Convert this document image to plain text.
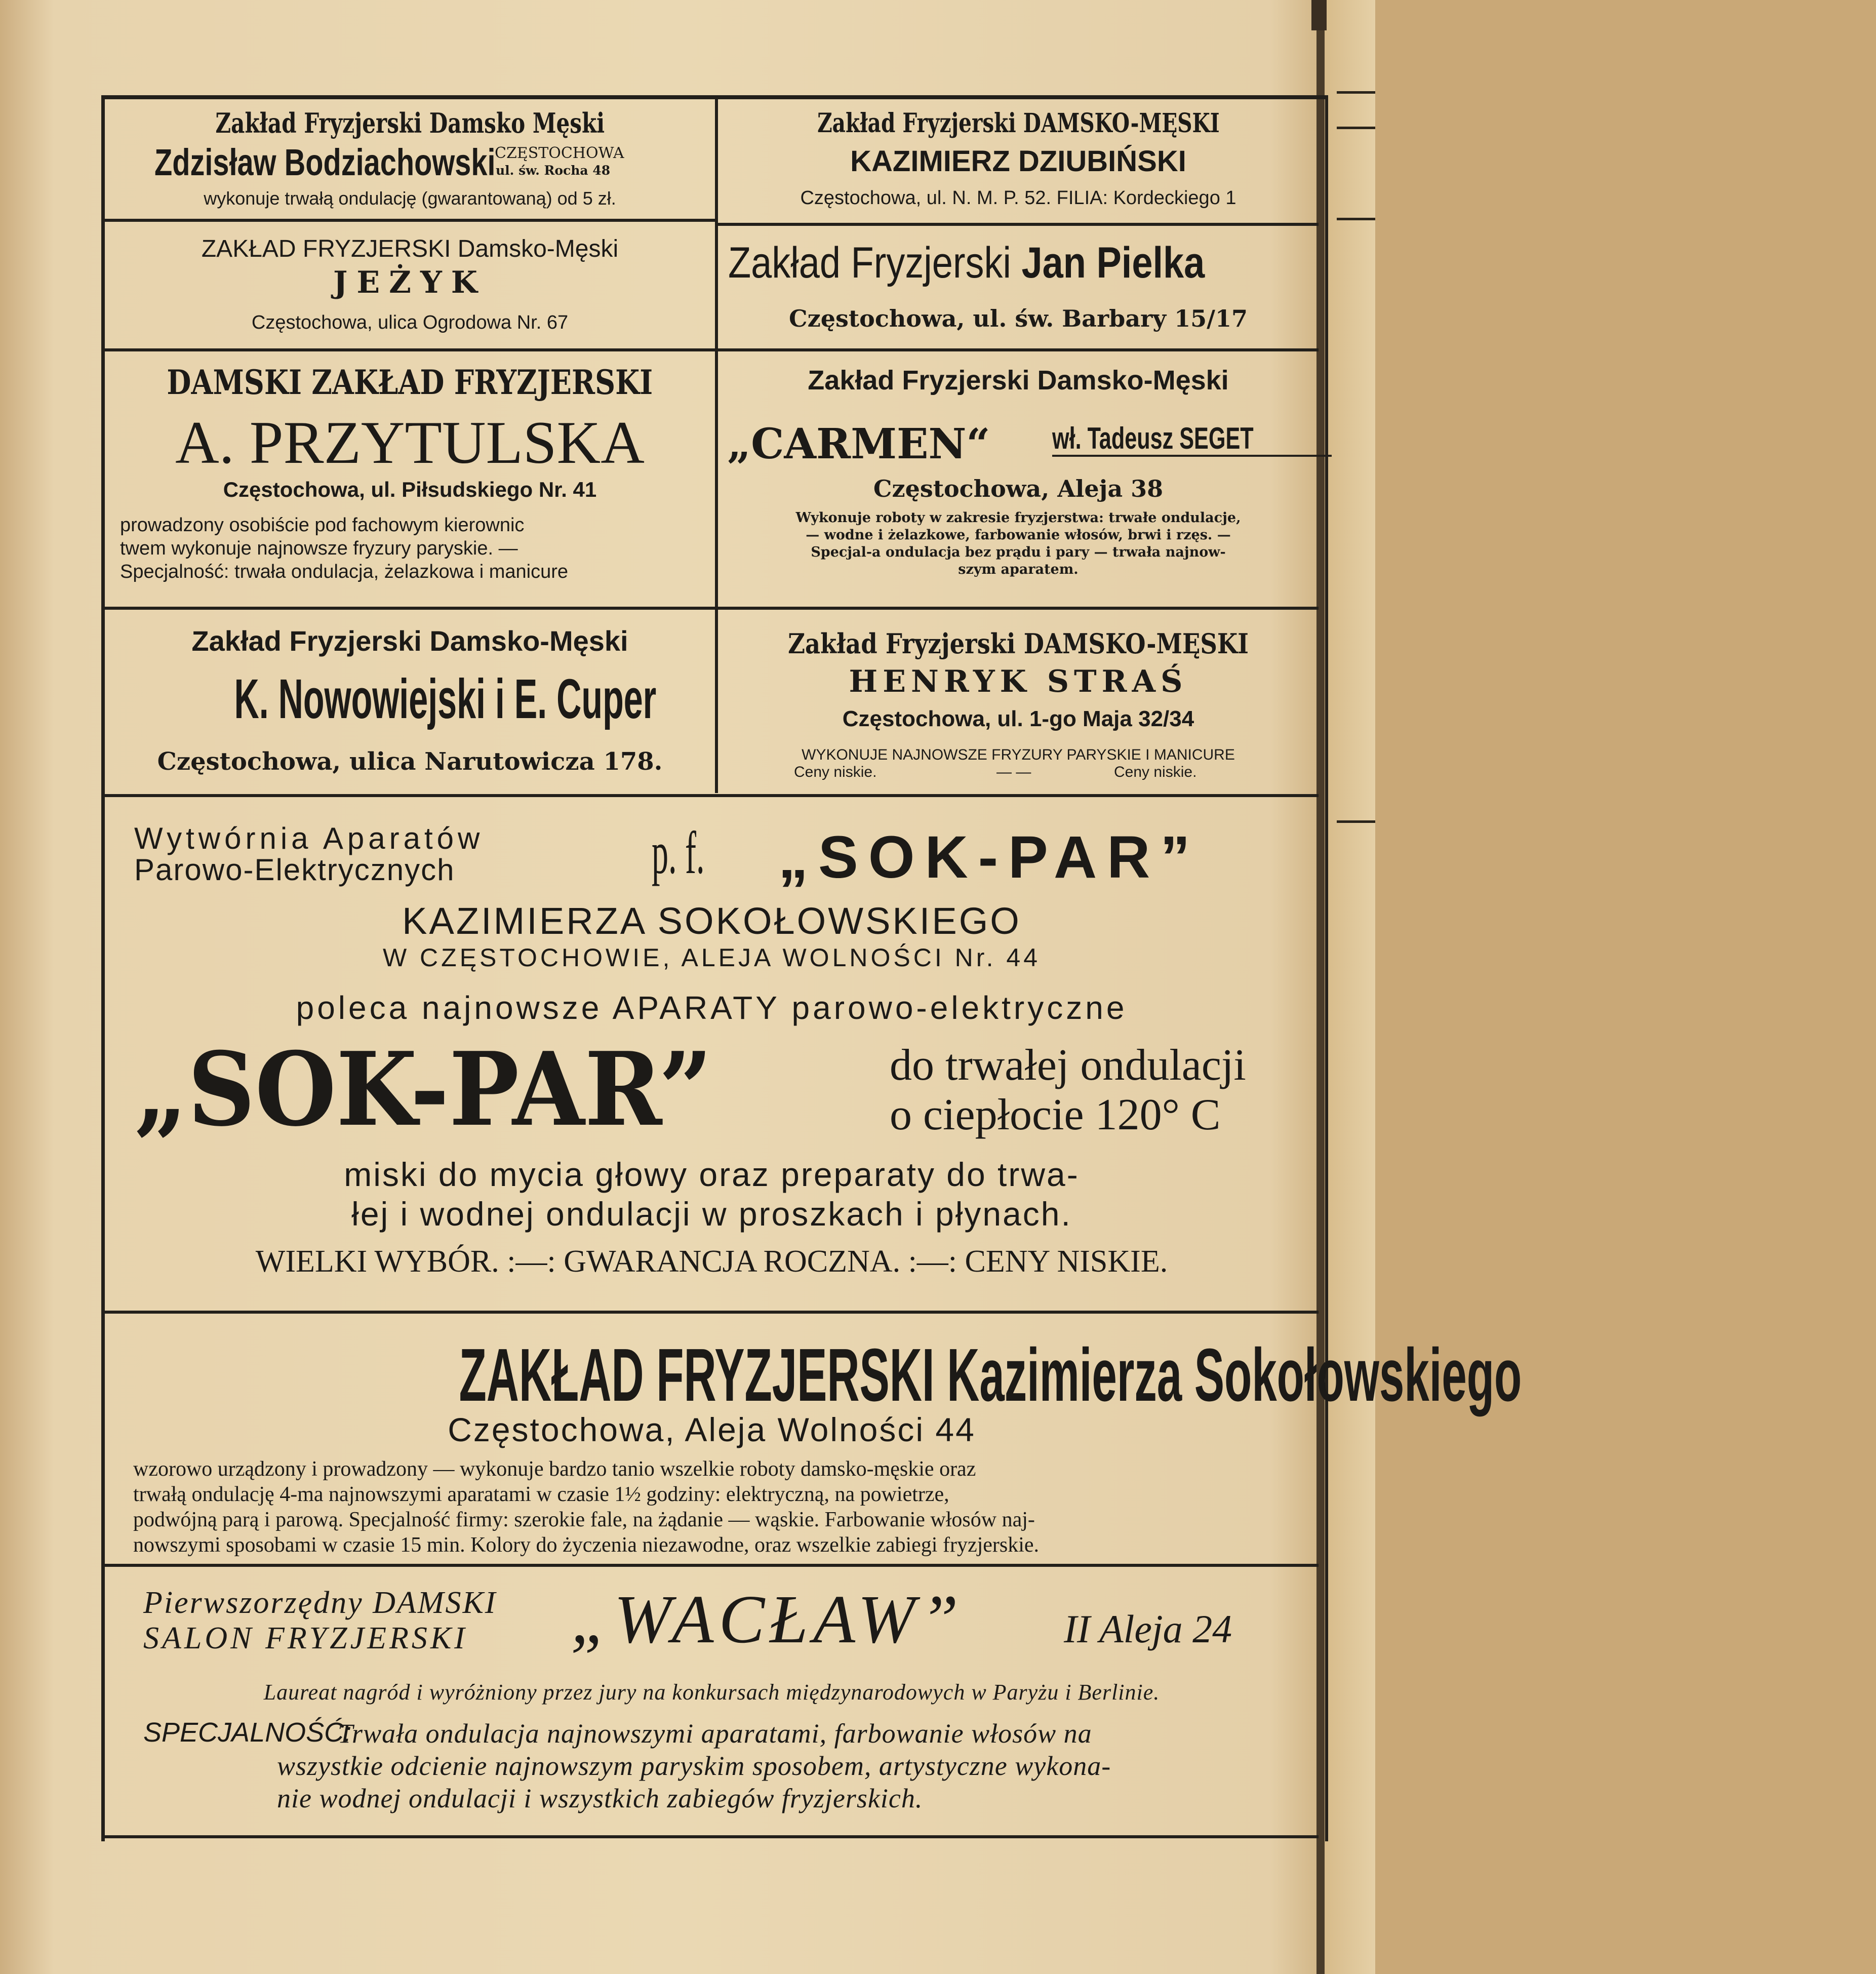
Zakład Fryzjerski Damsko Męski
Zdzisław Bodziachowski
CZĘSTOCHOWA
ul. św. Rocha 48
wykonuje trwałą ondulację (gwarantowaną) od 5 zł.
Zakład Fryzjerski DAMSKO-MĘSKI
KAZIMIERZ DZIUBIŃSKI
Częstochowa, ul. N. M. P. 52. FILIA: Kordeckiego 1
ZAKŁAD FRYZJERSKI Damsko-Męski
JEŻYK
Częstochowa, ulica Ogrodowa Nr. 67
Zakład Fryzjerski Jan Pielka
Częstochowa, ul. św. Barbary 15/17
DAMSKI ZAKŁAD FRYZJERSKI
A. PRZYTULSKA
Częstochowa, ul. Piłsudskiego Nr. 41

prowadzony osobiście pod fachowym kierownic

twem wykonuje najnowsze fryzury paryskie. —

Specjalność: trwała ondulacja, żelazkowa i manicure

Zakład Fryzjerski Damsko-Męski
„CARMEN“ wł. Tadeusz SEGET
Częstochowa, Aleja 38

Wykonuje roboty w zakresie fryzjerstwa: trwałe ondulacje,

— wodne i żelazkowe, farbowanie włosów, brwi i rzęs. —

Specjal-a ondulacja bez prądu i pary — trwała najnow-

szym aparatem.

Zakład Fryzjerski Damsko-Męski
K. Nowowiejski i E. Cuper
Częstochowa, ulica Narutowicza 178.
Zakład Fryzjerski DAMSKO-MĘSKI
HENRYK STRAŚ
Częstochowa, ul. 1-go Maja 32/34
WYKONUJE NAJNOWSZE FRYZURY PARYSKIE I MANICURE
Ceny niskie.	— —	Ceny niskie.
Wytwórnia Aparatów
Parowo-Elektrycznych	p. f.	„SOK-PAR”
KAZIMIERZA SOKOŁOWSKIEGO
W CZĘSTOCHOWIE, ALEJA WOLNOŚCI Nr. 44
poleca najnowsze APARATY parowo-elektryczne
„SOK-PAR”	do trwałej ondulacji
o ciepłocie 120° C
miski do mycia głowy oraz preparaty do trwa-
łej i wodnej ondulacji w proszkach i płynach.
WIELKI WYBÓR. :—: GWARANCJA ROCZNA. :—: CENY NISKIE.
ZAKŁAD FRYZJERSKI Kazimierza Sokołowskiego
Częstochowa, Aleja Wolności 44

wzorowo urządzony i prowadzony — wykonuje bardzo tanio wszelkie roboty damsko-męskie oraz

trwałą ondulację 4-ma najnowszymi aparatami w czasie 1½ godziny: elektryczną, na powietrze,

podwójną parą i parową. Specjalność firmy: szerokie fale, na żądanie — wąskie. Farbowanie włosów naj-

nowszymi sposobami w czasie 15 min. Kolory do życzenia niezawodne, oraz wszelkie zabiegi fryzjerskie.

Pierwszorzędny DAMSKI
SALON FRYZJERSKI „WACŁAW”	II Aleja 24
Laureat nagród i wyróżniony przez jury na konkursach międzynarodowych w Paryżu i Berlinie.
SPECJALNOŚĆ:
Trwała ondulacja najnowszymi aparatami, farbowanie włosów na
wszystkie odcienie najnowszym paryskim sposobem, artystyczne wykona-
nie wodnej ondulacji i wszystkich zabiegów fryzjerskich.
